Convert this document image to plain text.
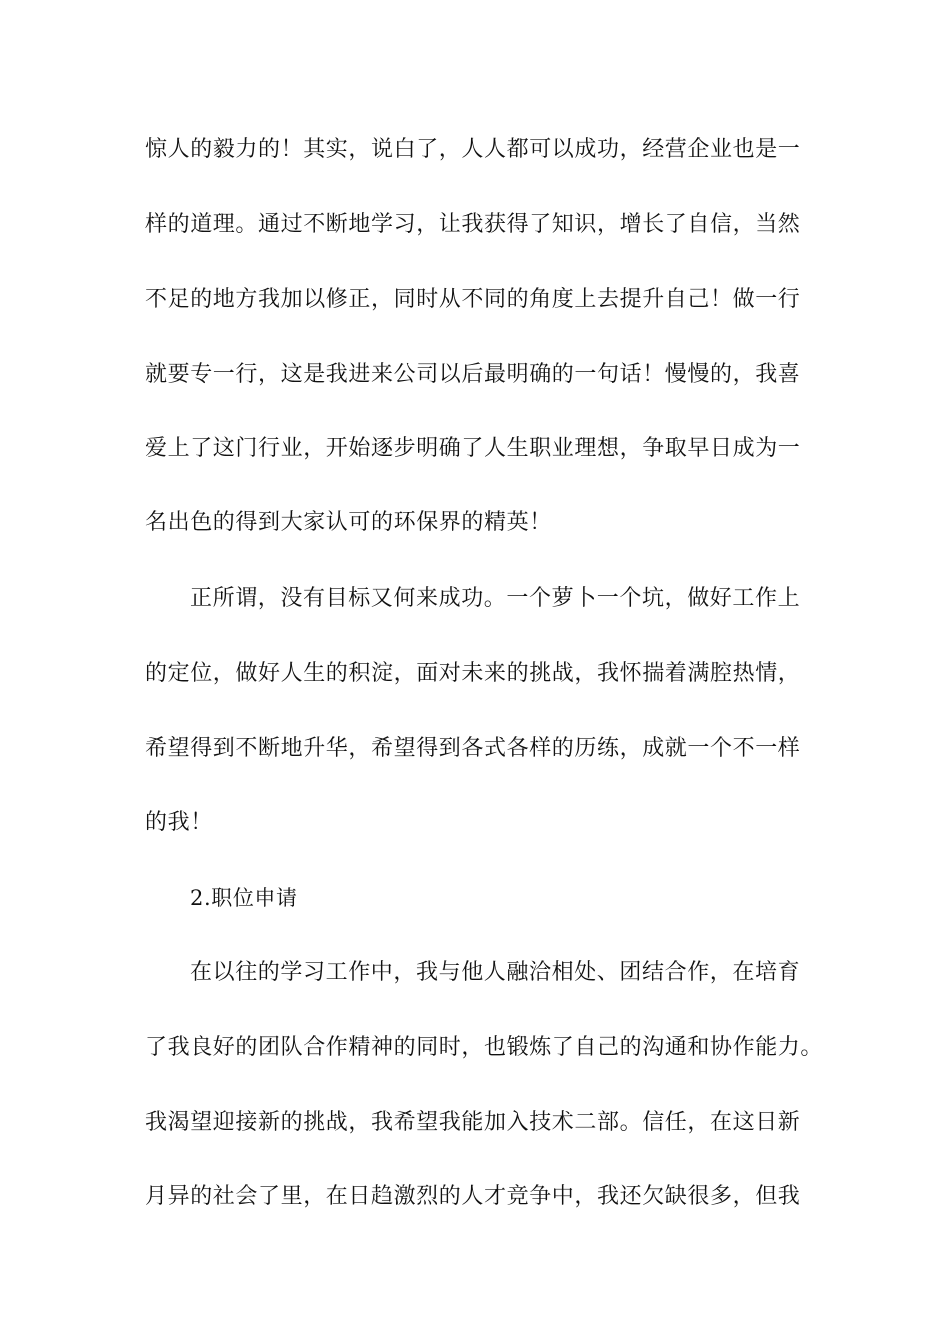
惊人的毅力的！其实，说白了，人人都可以成功，经营企业也是一
样的道理。通过不断地学习，让我获得了知识，增长了自信，当然
不足的地方我加以修正，同时从不同的角度上去提升自己！做一行
就要专一行，这是我进来公司以后最明确的一句话！慢慢的，我喜
爱上了这门行业，开始逐步明确了人生职业理想，争取早日成为一
名出色的得到大家认可的环保界的精英！
正所谓，没有目标又何来成功。一个萝卜一个坑，做好工作上
的定位，做好人生的积淀，面对未来的挑战，我怀揣着满腔热情，
希望得到不断地升华，希望得到各式各样的历练，成就一个不一样
的我！
2.职位申请
在以往的学习工作中，我与他人融洽相处、团结合作，在培育
了我良好的团队合作精神的同时，也锻炼了自己的沟通和协作能力。
我渴望迎接新的挑战，我希望我能加入技术二部。信任，在这日新
月异的社会了里，在日趋激烈的人才竞争中，我还欠缺很多，但我
